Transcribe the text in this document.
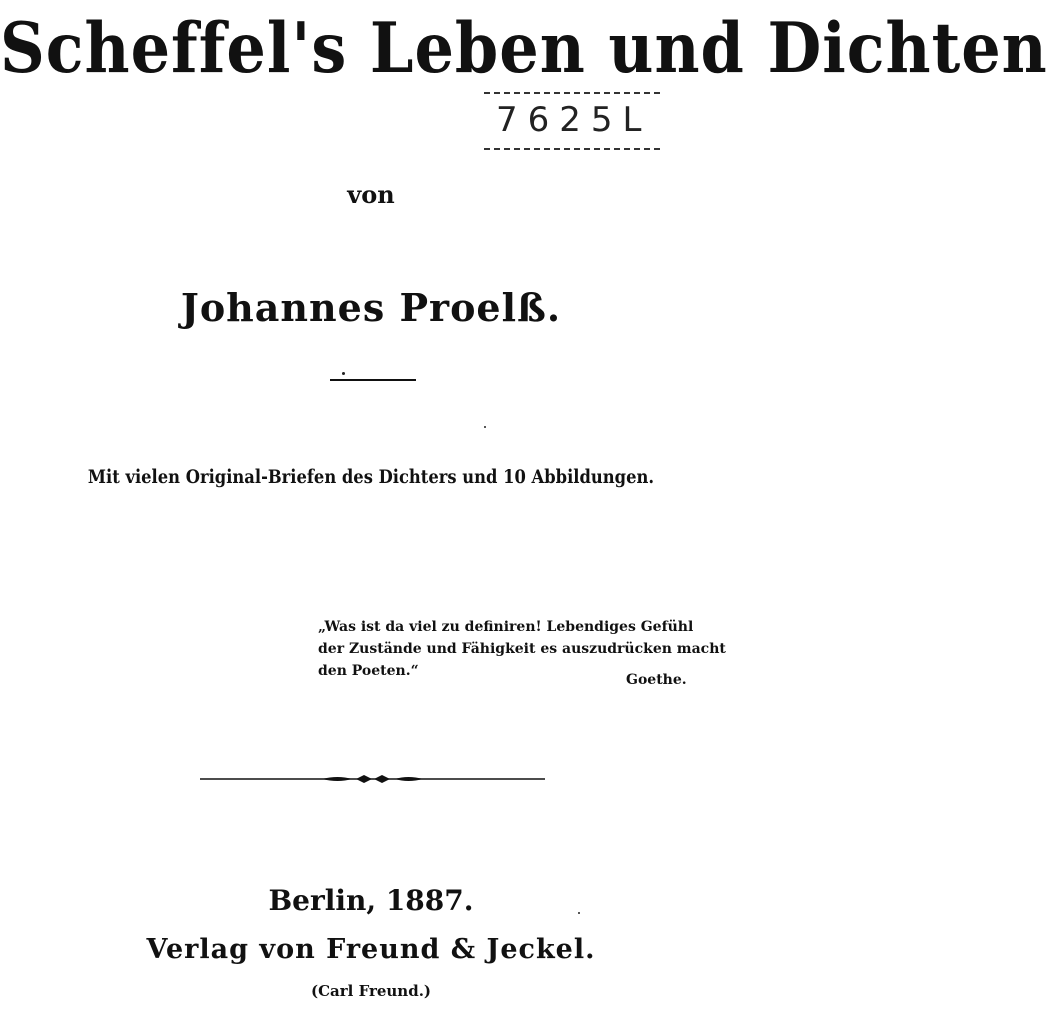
Scheffel's Leben und Dichten
7625L
von
Johannes Proelß.
Mit vielen Original-Briefen des Dichters und 10 Abbildungen.
„Was ist da viel zu definiren! Lebendiges Gefühl
der Zustände und Fähigkeit es auszudrücken macht
den Poeten.“
Goethe.
Berlin, 1887.
Verlag von Freund & Jeckel.
(Carl Freund.)
